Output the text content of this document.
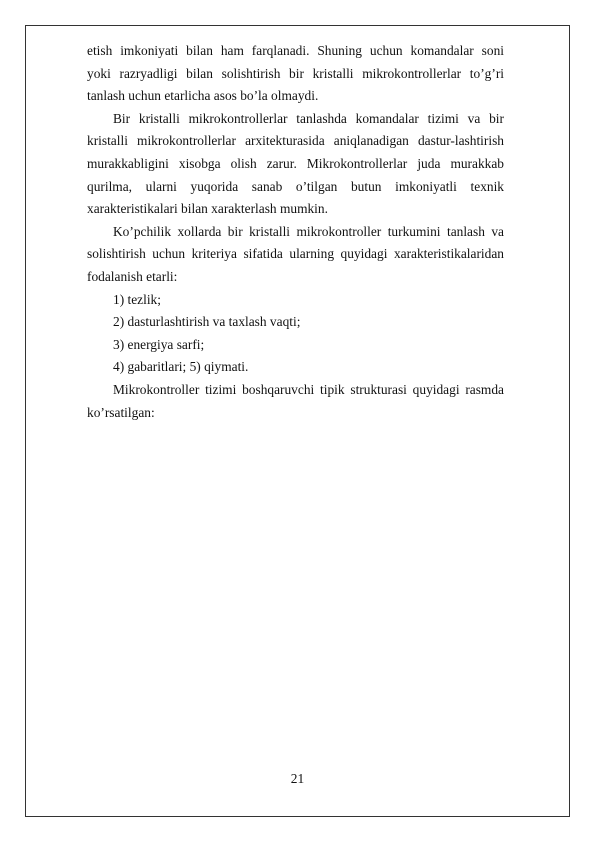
etish imkoniyati bilan ham farqlanadi. Shuning uchun komandalar soni
yoki razryadligi bilan solishtirish bir kristalli mikrokontrollerlar to’g’ri
tanlash uchun etarlicha asos bo’la olmaydi.
Bir kristalli mikrokontrollerlar tanlashda komandalar tizimi va bir
kristalli mikrokontrollerlar arxitekturasida aniqlanadigan dastur-lashtirish
murakkabligini xisobga olish zarur. Mikrokontrollerlar juda murakkab
qurilma, ularni yuqorida sanab o’tilgan butun imkoniyatli texnik
xarakteristikalari bilan xarakterlash mumkin.
Ko’pchilik xollarda bir kristalli mikrokontroller turkumini tanlash va
solishtirish uchun kriteriya sifatida ularning quyidagi xarakteristikalaridan
fodalanish etarli:
1) tezlik;
2) dasturlashtirish va taxlash vaqti;
3) energiya sarfi;
4) gabaritlari; 5) qiymati.
Mikrokontroller tizimi boshqaruvchi tipik strukturasi quyidagi rasmda
ko’rsatilgan:
21
